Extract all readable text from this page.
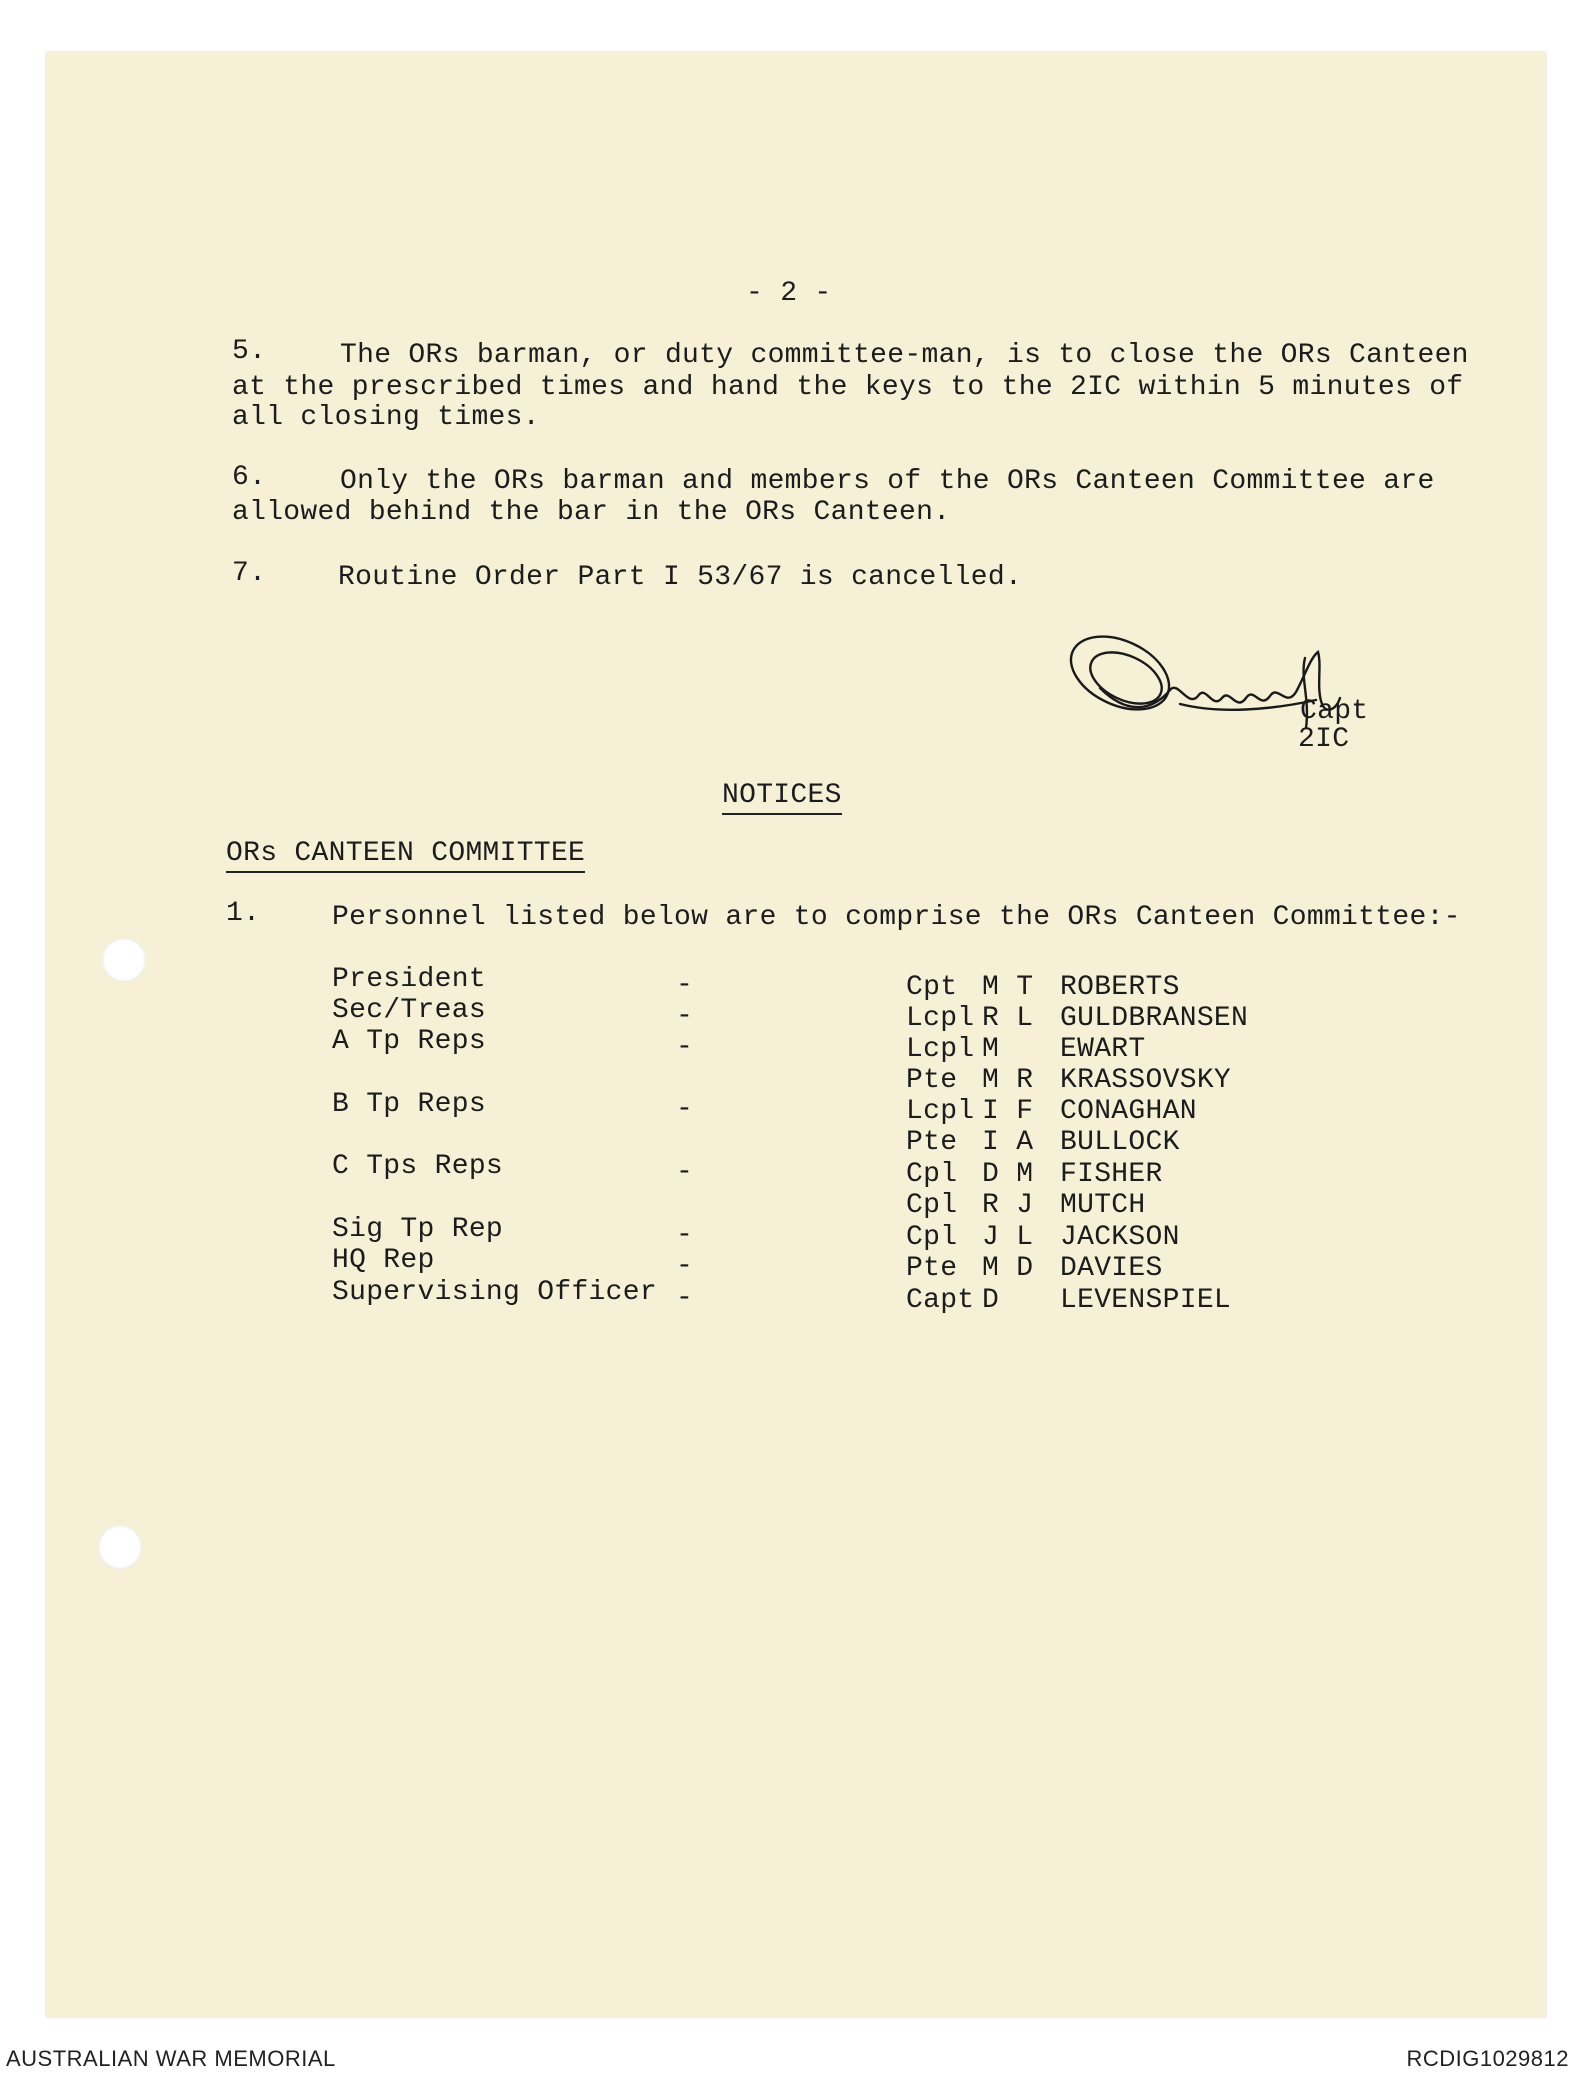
- 2 -
5.	The ORs barman, or duty committee-man, is to close the ORs Canteen
at the prescribed times and hand the keys to the 2IC within 5 minutes of
all closing times.
6.	Only the ORs barman and members of the ORs Canteen Committee are
allowed behind the bar in the ORs Canteen.
7.	Routine Order Part I 53/67 is cancelled.
Capt
2IC
NOTICES
ORs CANTEEN COMMITTEE
1.	Personnel listed below are to comprise the ORs Canteen Committee:-
President	-	Cpt M T ROBERTS
Sec/Treas	-	Lcpl R L GULDBRANSEN
A Tp Reps	-	Lcpl M EWART
Pte M R KRASSOVSKY
B Tp Reps	-	Lcpl I F CONAGHAN
Pte I A BULLOCK
C Tps Reps	-	Cpl D M FISHER
Cpl R J MUTCH
Sig Tp Rep	-	Cpl J L JACKSON
HQ Rep	-	Pte M D DAVIES
Supervising Officer -	Capt D LEVENSPIEL
AUSTRALIAN WAR MEMORIAL	RCDIG1029812
